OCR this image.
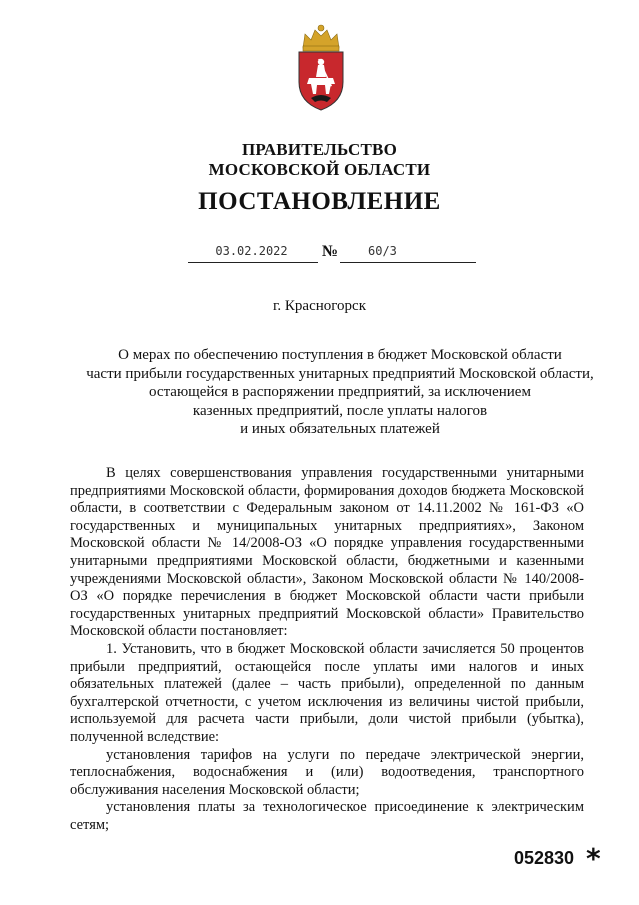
ПРАВИТЕЛЬСТВО
МОСКОВСКОЙ ОБЛАСТИ
ПОСТАНОВЛЕНИЕ
03.02.2022	№	60/3
г. Красногорск
О мерах по обеспечению поступления в бюджет Московской области
части прибыли государственных унитарных предприятий Московской области,
остающейся в распоряжении предприятий, за исключением
казенных предприятий, после уплаты налогов
и иных обязательных платежей

В целях совершенствования управления государственными унитарными предприятиями Московской области, формирования доходов бюджета Московской области, в соответствии с Федеральным законом от 14.11.2002 № 161-ФЗ «О государственных и муниципальных унитарных предприятиях», Законом Московской области № 14/2008-ОЗ «О порядке управления государственными унитарными предприятиями Московской области, бюджетными и казенными учреждениями Московской области», Законом Московской области № 140/2008-ОЗ «О порядке перечисления в бюджет Московской области части прибыли государственных унитарных предприятий Московской области» Правительство Московской области постановляет:

1. Установить, что в бюджет Московской области зачисляется 50 процентов прибыли предприятий, остающейся после уплаты ими налогов и иных обязательных платежей (далее – часть прибыли), определенной по данным бухгалтерской отчетности, с учетом исключения из величины чистой прибыли, используемой для расчета части прибыли, доли чистой прибыли (убытка), полученной вследствие:

установления тарифов на услуги по передаче электрической энергии, теплоснабжения, водоснабжения и (или) водоотведения, транспортного обслуживания населения Московской области;

установления платы за технологическое присоединение к электрическим сетям;

052830 *
